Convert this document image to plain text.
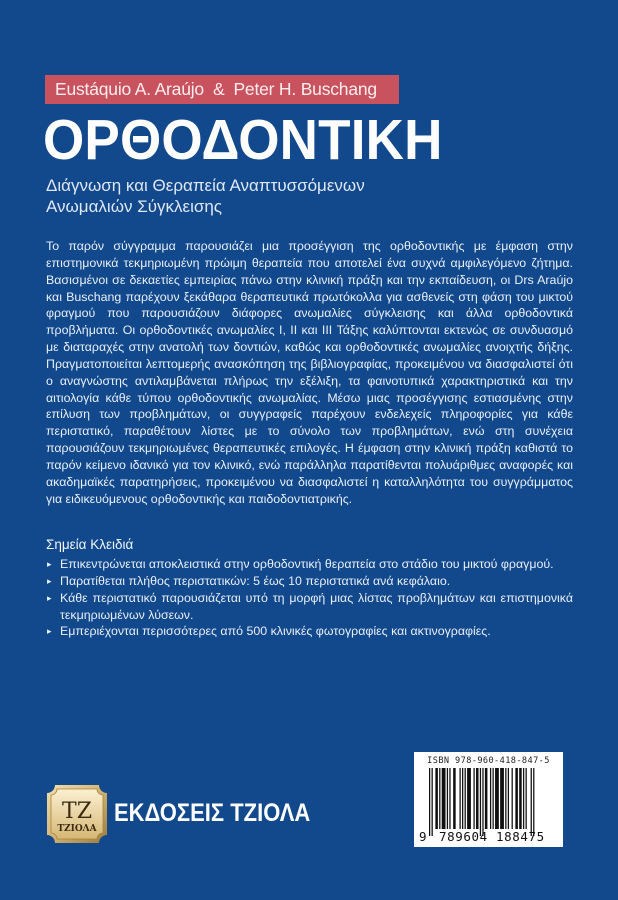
Eustáquio A. Araújo & Peter H. Buschang
ΟΡΘΟΔΟΝΤΙΚΗ
Διάγνωση και Θεραπεία Αναπτυσσόμενων
Ανωμαλιών Σύγκλεισης

Το παρόν σύγγραμμα παρουσιάζει μια προσέγγιση της ορθοδοντικής με έμφαση στην επιστημονικά τεκμηριωμένη πρώιμη θεραπεία που αποτελεί ένα συχνά αμφιλεγόμενο ζήτημα. Βασισμένοι σε δεκαετίες εμπειρίας πάνω στην κλινική πράξη και την εκπαίδευση, οι Drs Araújo και Buschang παρέχουν ξεκάθαρα θεραπευτικά πρωτόκολλα για ασθενείς στη φάση του μικτού φραγμού που παρουσιάζουν διάφορες ανωμαλίες σύγκλεισης και άλλα ορθοδοντικά προβλήματα. Οι ορθοδοντικές ανωμαλίες I, II και III Τάξης καλύπτονται εκτενώς σε συνδυασμό με διαταραχές στην ανατολή των δοντιών, καθώς και ορθοδοντικές ανωμαλίες ανοιχτής δήξης. Πραγματοποιείται λεπτομερής ανασκόπηση της βιβλιογραφίας, προκειμένου να διασφαλιστεί ότι ο αναγνώστης αντιλαμβάνεται πλήρως την εξέλιξη, τα φαινοτυπικά χαρακτηριστικά και την αιτιολογία κάθε τύπου ορθοδοντικής ανωμαλίας. Μέσω μιας προσέγγισης εστιασμένης στην επίλυση των προβλημάτων, οι συγγραφείς παρέχουν ενδελεχείς πληροφορίες για κάθε περιστατικό, παραθέτουν λίστες με το σύνολο των προβλημάτων, ενώ στη συνέχεια παρουσιάζουν τεκμηριωμένες θεραπευτικές επιλογές. Η έμφαση στην κλινική πράξη καθιστά το παρόν κείμενο ιδανικό για τον κλινικό, ενώ παράλληλα παρατίθενται πολυάριθμες αναφορές και ακαδημαϊκές παρατηρήσεις, προκειμένου να διασφαλιστεί η καταλληλότητα του συγγράμματος για ειδικευόμενους ορθοδοντικής και παιδοδοντιατρικής.

Σημεία Κλειδιά
▸ Επικεντρώνεται αποκλειστικά στην ορθοδοντική θεραπεία στο στάδιο του μικτού φραγμού.
▸ Παρατίθεται πλήθος περιστατικών: 5 έως 10 περιστατικά ανά κεφάλαιο.
▸ Κάθε περιστατικό παρουσιάζεται υπό τη μορφή μιας λίστας προβλημάτων και επιστημονικά τεκμηριωμένων λύσεων.
▸ Εμπεριέχονται περισσότερες από 500 κλινικές φωτογραφίες και ακτινογραφίες.
TZ
ΤΖΙΟΛΑ
ΕΚΔΟΣΕΙΣ ΤΖΙΟΛΑ
ISBN 978-960-418-847-5
9 789604 188475
